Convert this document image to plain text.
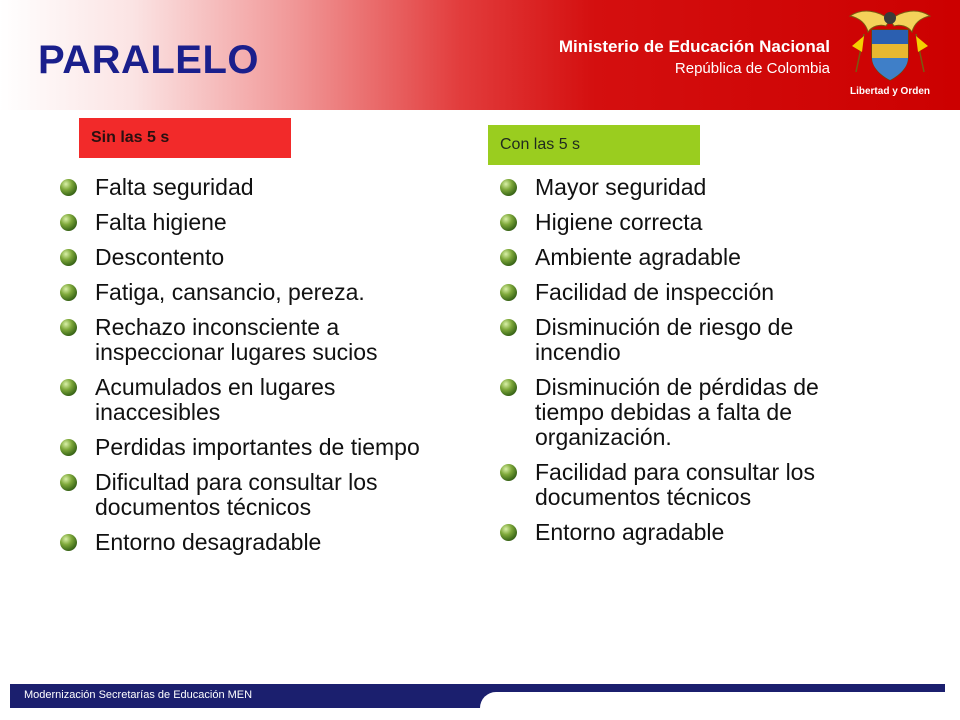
PARALELO	Ministerio de Educación Nacional
República de Colombia
Libertad y Orden
Sin las 5 s	Con las 5 s
Falta seguridad
Falta higiene
Descontento
Fatiga, cansancio, pereza.
Rechazo inconsciente a inspeccionar lugares sucios
Acumulados en lugares inaccesibles
Perdidas importantes de tiempo
Dificultad para consultar los documentos técnicos
Entorno desagradable
Mayor seguridad
Higiene correcta
Ambiente agradable
Facilidad de inspección
Disminución de riesgo de incendio
Disminución de pérdidas de tiempo debidas a falta de organización.
Facilidad para consultar los documentos técnicos
Entorno agradable
Modernización Secretarías de Educación MEN
